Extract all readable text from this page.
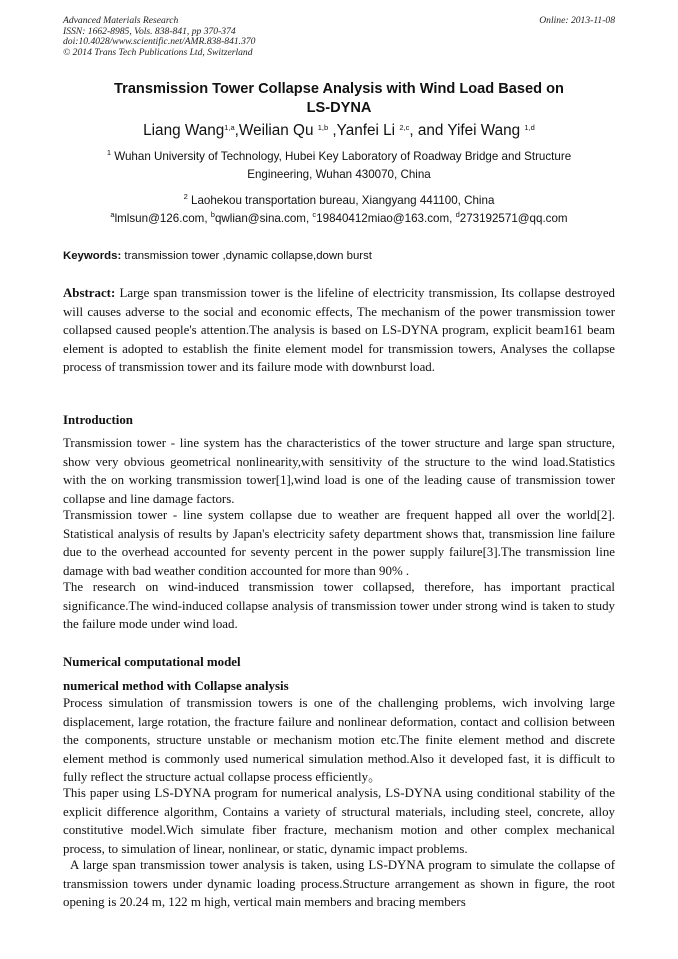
Advanced Materials Research
ISSN: 1662-8985, Vols. 838-841, pp 370-374
doi:10.4028/www.scientific.net/AMR.838-841.370
© 2014 Trans Tech Publications Ltd, Switzerland
Online: 2013-11-08
Transmission Tower Collapse Analysis with Wind Load Based on
LS-DYNA
Liang Wang$^{1,a}$,Weilian Qu $^{1,b}$ ,Yanfei Li $^{2,c}$, and Yifei Wang $^{1,d}$
$^1$ Wuhan University of Technology, Hubei Key Laboratory of Roadway Bridge and Structure
Engineering, Wuhan 430070, China
$^2$ Laohekou transportation bureau, Xiangyang 441100, China
$^a$lmlsun@126.com, $^b$qwlian@sina.com, $^c$19840412miao@163.com, $^d$273192571@qq.com
Keywords: transmission tower ,dynamic collapse,down burst

Abstract: Large span transmission tower is the lifeline of electricity transmission, Its collapse destroyed will causes adverse to the social and economic effects, The mechanism of the power transmission tower collapsed caused people's attention.The analysis is based on LS-DYNA program, explicit beam161 beam element is adopted to establish the finite element model for transmission towers, Analyses the collapse process of transmission tower and its failure mode with downburst load.

Introduction

Transmission tower - line system has the characteristics of the tower structure and large span structure, show very obvious geometrical nonlinearity,with sensitivity of the structure to the wind load.Statistics with the on working transmission tower[1],wind load is one of the leading cause of transmission tower collapse and line damage factors.

Transmission tower - line system collapse due to weather are frequent happed all over the world[2]. Statistical analysis of results by Japan's electricity safety department shows that, transmission line failure due to the overhead accounted for seventy percent in the power supply failure[3].The transmission line damage with bad weather condition accounted for more than 90% .

The research on wind-induced transmission tower collapsed, therefore, has important practical significance.The wind-induced collapse analysis of transmission tower under strong wind is taken to study the failure mode under wind load.

Numerical computational model
numerical method with Collapse analysis

Process simulation of transmission towers is one of the challenging problems, wich involving large displacement, large rotation, the fracture failure and nonlinear deformation, contact and collision between the components, structure unstable or mechanism motion etc.The finite element method and discrete element method is commonly used numerical simulation method.Also it developed fast, it is difficult to fully reflect the structure actual collapse process efficiently。

This paper using LS-DYNA program for numerical analysis, LS-DYNA using conditional stability of the explicit difference algorithm, Contains a variety of structural materials, including steel, concrete, alloy constitutive model.Wich simulate fiber fracture, mechanism motion and other complex mechanical process, to simulation of linear, nonlinear, or static, dynamic impact problems.

A large span transmission tower analysis is taken, using LS-DYNA program to simulate the collapse of transmission towers under dynamic loading process.Structure arrangement as shown in figure, the root opening is 20.24 m, 122 m high, vertical main members and bracing members
